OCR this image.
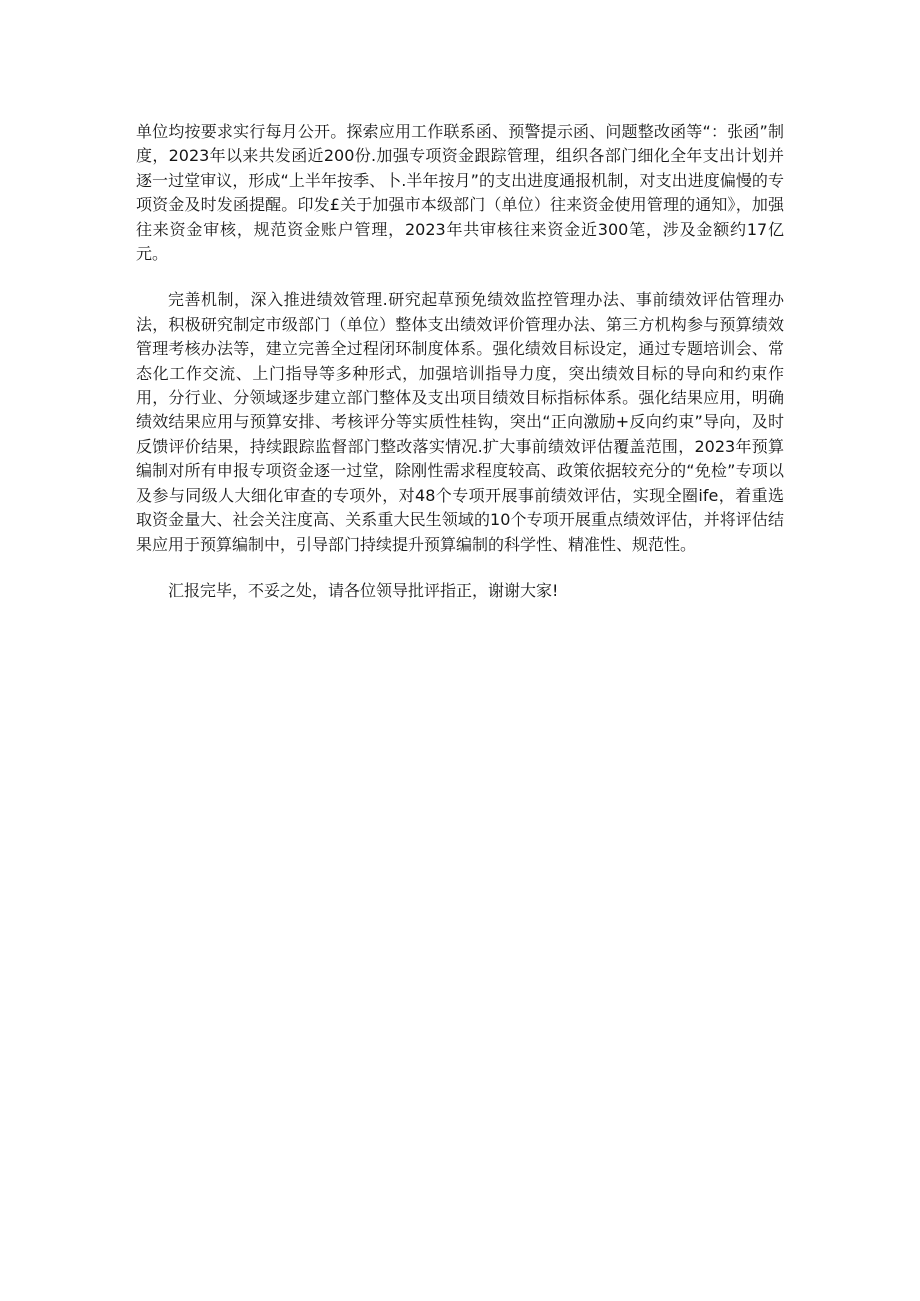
单位均按要求实行每月公开。探索应用工作联系函、预警提示函、问题整改函等“：张函”制度，2023年以来共发函近200份.加强专项资金跟踪管理，组织各部门细化全年支出计划并逐一过堂审议，形成“上半年按季、卜.半年按月”的支出进度通报机制，对支出进度偏慢的专项资金及时发函提醒。印发£关于加强市本级部门（单位）往来资金使用管理的通知》，加强往来资金审核，规范资金账户管理，2023年共审核往来资金近300笔，涉及金额约17亿元。

完善机制，深入推进绩效管理.研究起草预免绩效监控管理办法、事前绩效评估管理办法，积极研究制定市级部门（单位）整体支出绩效评价管理办法、第三方机构参与预算绩效管理考核办法等，建立完善全过程闭环制度体系。强化绩效目标设定，通过专题培训会、常态化工作交流、上门指导等多种形式，加强培训指导力度，突出绩效目标的导向和约束作用，分行业、分领域逐步建立部门整体及支出项目绩效目标指标体系。强化结果应用，明确绩效结果应用与预算安排、考核评分等实质性桂钩，突出“正向激励+反向约束”导向，及时反馈评价结果，持续跟踪监督部门整改落实情况.扩大事前绩效评估覆盖范围，2023年预算编制对所有申报专项资金逐一过堂，除刚性需求程度较高、政策依据较充分的“免检”专项以及参与同级人大细化审查的专项外，对48个专项开展事前绩效评估，实现全圈ife，着重选取资金量大、社会关注度高、关系重大民生领域的10个专项开展重点绩效评估，并将评估结果应用于预算编制中，引导部门持续提升预算编制的科学性、精准性、规范性。

汇报完毕，不妥之处，请各位领导批评指正，谢谢大家!
